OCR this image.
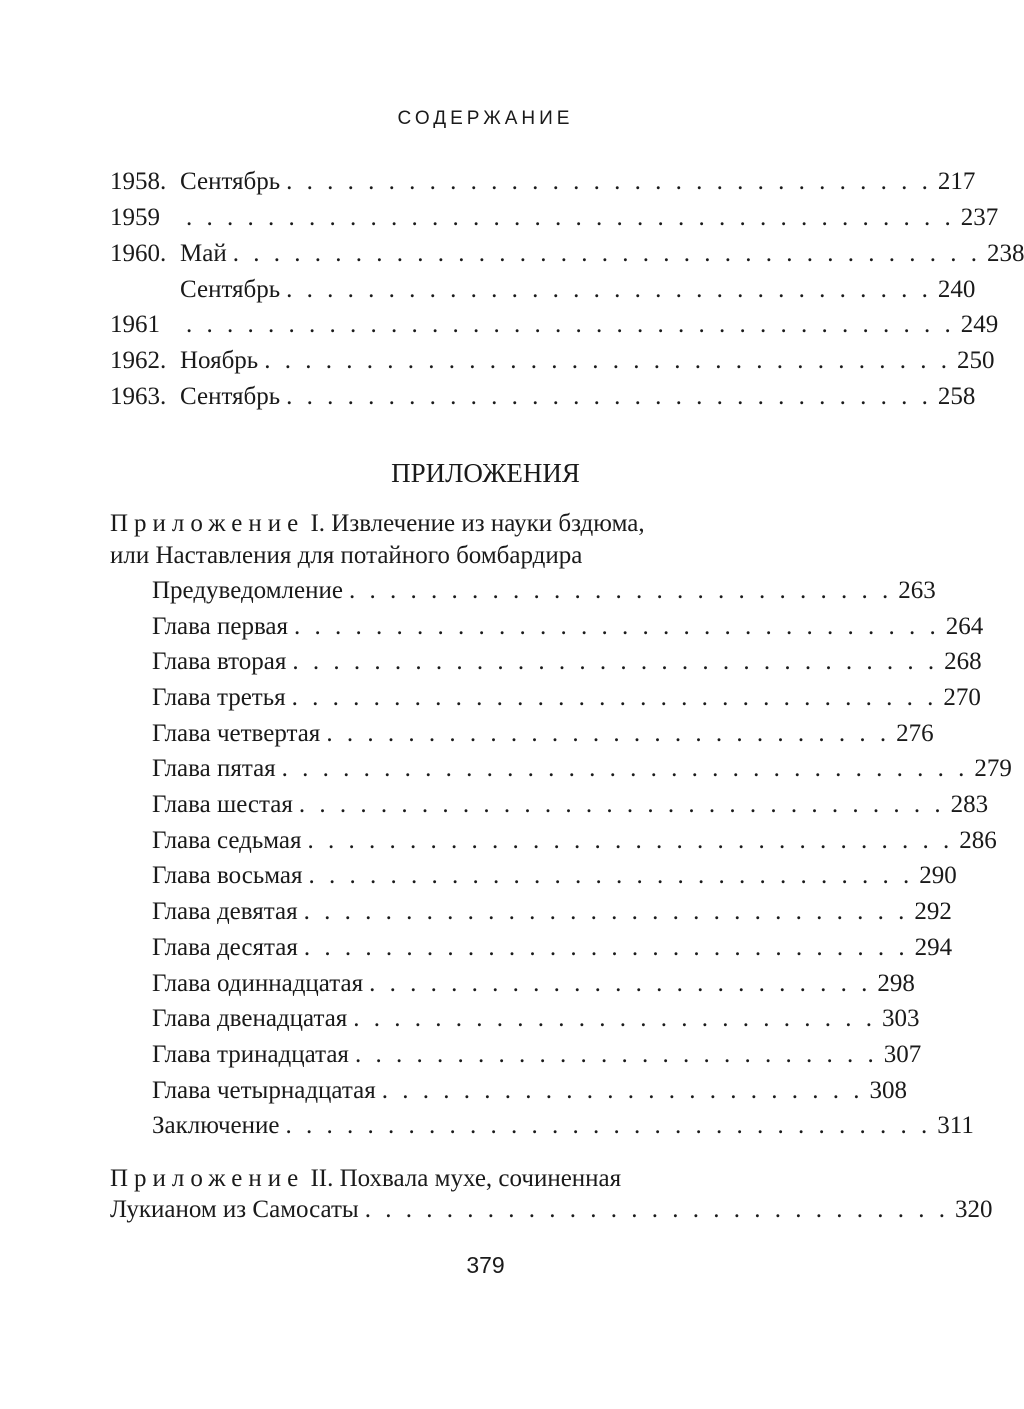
СОДЕРЖАНИЕ
1958. Сентябрь . . . . . . . . . . . . . . . . . . . . . . . . . . . . . . . . 217
1959	. . . . . . . . . . . . . . . . . . . . . . . . . . . . . . . . . . . . . . 237
1960. Май . . . . . . . . . . . . . . . . . . . . . . . . . . . . . . . . . . . . . 238
Сентябрь . . . . . . . . . . . . . . . . . . . . . . . . . . . . . . . . 240
1961	. . . . . . . . . . . . . . . . . . . . . . . . . . . . . . . . . . . . . . 249
1962. Ноябрь . . . . . . . . . . . . . . . . . . . . . . . . . . . . . . . . . . 250
1963. Сентябрь . . . . . . . . . . . . . . . . . . . . . . . . . . . . . . . . 258
ПРИЛОЖЕНИЯ
Приложение I. Извлечение из науки бздюма,
или Наставления для потайного бомбардира
Предуведомление . . . . . . . . . . . . . . . . . . . . . . . . . . . 263
Глава первая . . . . . . . . . . . . . . . . . . . . . . . . . . . . . . . . 264
Глава вторая . . . . . . . . . . . . . . . . . . . . . . . . . . . . . . . . 268
Глава третья . . . . . . . . . . . . . . . . . . . . . . . . . . . . . . . . 270
Глава четвертая . . . . . . . . . . . . . . . . . . . . . . . . . . . . 276
Глава пятая . . . . . . . . . . . . . . . . . . . . . . . . . . . . . . . . . . 279
Глава шестая . . . . . . . . . . . . . . . . . . . . . . . . . . . . . . . . 283
Глава седьмая . . . . . . . . . . . . . . . . . . . . . . . . . . . . . . . . 286
Глава восьмая . . . . . . . . . . . . . . . . . . . . . . . . . . . . . . 290
Глава девятая . . . . . . . . . . . . . . . . . . . . . . . . . . . . . . 292
Глава десятая . . . . . . . . . . . . . . . . . . . . . . . . . . . . . . 294
Глава одиннадцатая . . . . . . . . . . . . . . . . . . . . . . . . . 298
Глава двенадцатая . . . . . . . . . . . . . . . . . . . . . . . . . . 303
Глава тринадцатая . . . . . . . . . . . . . . . . . . . . . . . . . . 307
Глава четырнадцатая . . . . . . . . . . . . . . . . . . . . . . . . 308
Заключение . . . . . . . . . . . . . . . . . . . . . . . . . . . . . . . . 311
Приложение II. Похвала мухе, сочиненная
Лукианом из Самосаты . . . . . . . . . . . . . . . . . . . . . . . . . . . . . 320
379
